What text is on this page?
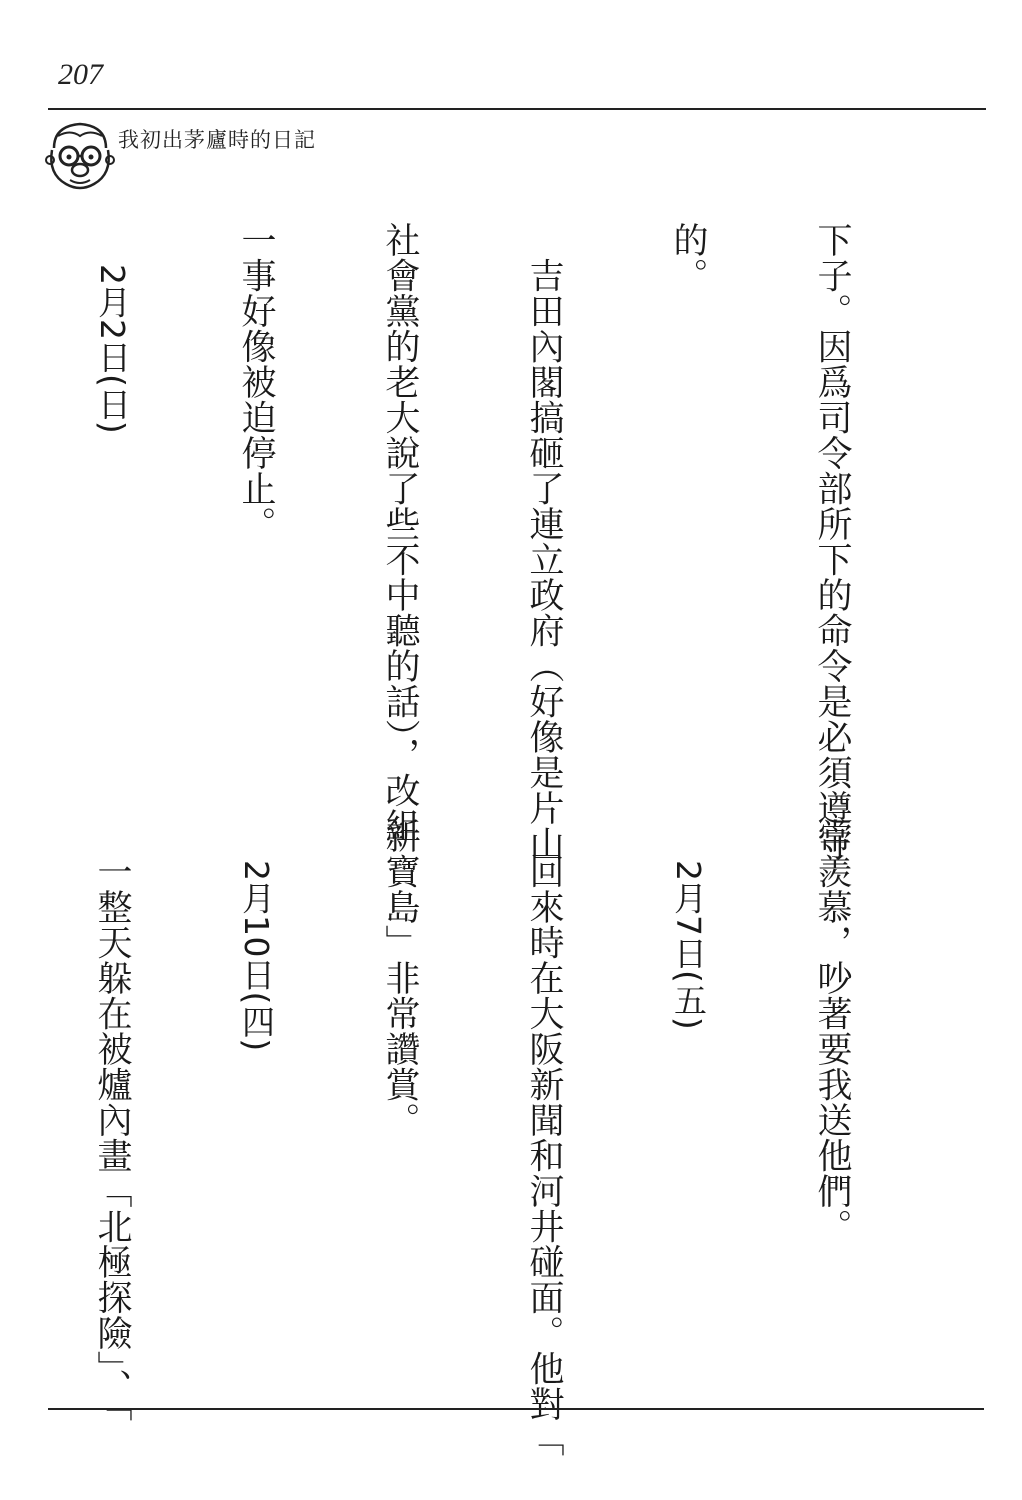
207
我初出茅廬時的日記

下子。因爲司令部所下的命令是必須遵守

的。

　吉田內閣搞砸了連立政府（好像是片山

社會黨的老大說了些不中聽的話），改組

一事好像被迫停止。

2月2日(日)

常羨慕，吵著要我送他們。

2月7日(五)

　回來時在大阪新聞和河井碰面。他對「

新寶島」非常讚賞。

2月10日(四)

　一整天躲在被爐內畫「北極探險」、「
